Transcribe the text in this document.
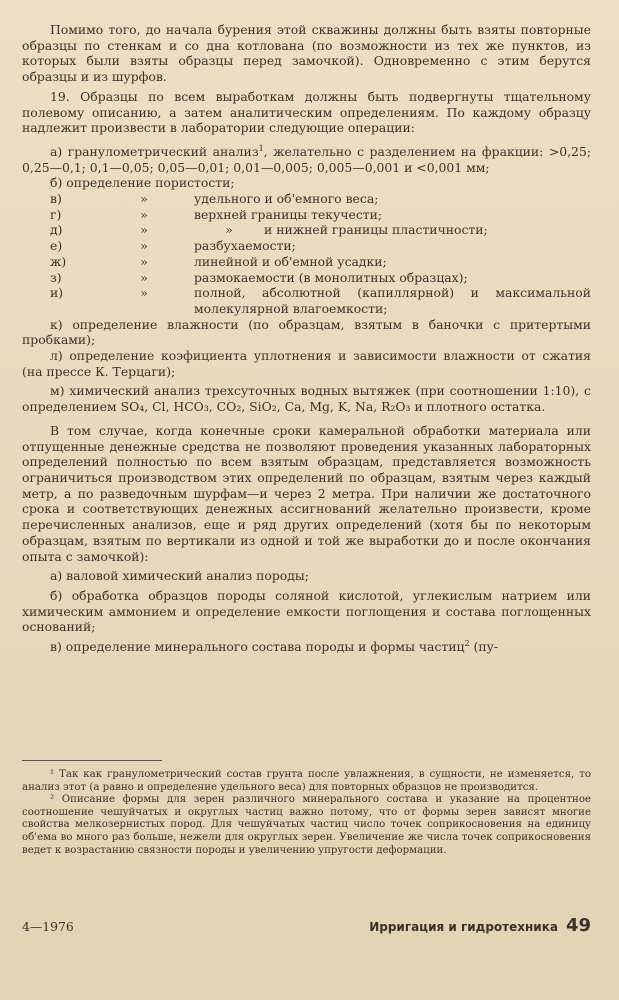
Помимо того, до начала бурения этой скважины должны быть взяты повторные образцы по стенкам и со дна котлована (по возможности из тех же пунктов, из которых были взяты образцы перед замочкой). Одновременно с этим берутся образцы и из шурфов.

19. Образцы по всем выработкам должны быть подвергнуты тщательному полевому описанию, а затем аналитическим определениям. По каждому образцу надлежит произвести в лаборатории следующие операции:

а) гранулометрический анализ$^1$, желательно с разделением на фракции: >0,25; 0,25—0,1; 0,1—0,05; 0,05—0,01; 0,01—0,005; 0,005—0,001 и <0,001 мм;

б) определение пористости;

в)	»	удельного и об'емного веса;
г)	»	верхней границы текучести;
д)	»	»	и нижней границы пластичности;
е)	»	разбухаемости;
ж)	»	линейной и об'емной усадки;
з)	»	размокаемости (в монолитных образцах);
и)	»	полной, абсолютной (капиллярной) и максимальной молекулярной влагоемкости;

к) определение влажности (по образцам, взятым в баночки с притертыми пробками);

л) определение коэфициента уплотнения и зависимости влажности от сжатия (на прессе К. Терцаги);

м) химический анализ трехсуточных водных вытяжек (при соотношении 1:10), с определением SO₄, Cl, HCO₃, CO₂, SiO₂, Ca, Mg, K, Na, R₂O₃ и плотного остатка.

В том случае, когда конечные сроки камеральной обработки материала или отпущенные денежные средства не позволяют проведения указанных лабораторных определений полностью по всем взятым образцам, представляется возможность ограничиться производством этих определений по образцам, взятым через каждый метр, а по разведочным шурфам—и через 2 метра. При наличии же достаточного срока и соответствующих денежных ассигнований желательно произвести, кроме перечисленных анализов, еще и ряд других определений (хотя бы по некоторым образцам, взятым по вертикали из одной и той же выработки до и после окончания опыта с замочкой):

а) валовой химический анализ породы;

б) обработка образцов породы соляной кислотой, углекислым натрием или химическим аммонием и определение емкости поглощения и состава поглощенных оснований;

в) определение минерального состава породы и формы частиц$^2$ (пу-

¹ Так как гранулометрический состав грунта после увлажнения, в сущности, не изменяется, то анализ этот (а равно и определение удельного веса) для повторных образцов не производится.

² Описание формы для зерен различного минерального состава и указание на процентное соотношение чешуйчатых и округлых частиц важно потому, что от формы зерен зависят многие свойства мелкозернистых пород. Для чешуйчатых частиц число точек соприкосновения на единицу об'ема во много раз больше, нежели для округлых зерен. Увеличение же числа точек соприкосновения ведет к возрастанию связности породы и увеличению упругости деформации.

4—1976	Ирригация и гидротехника 49
